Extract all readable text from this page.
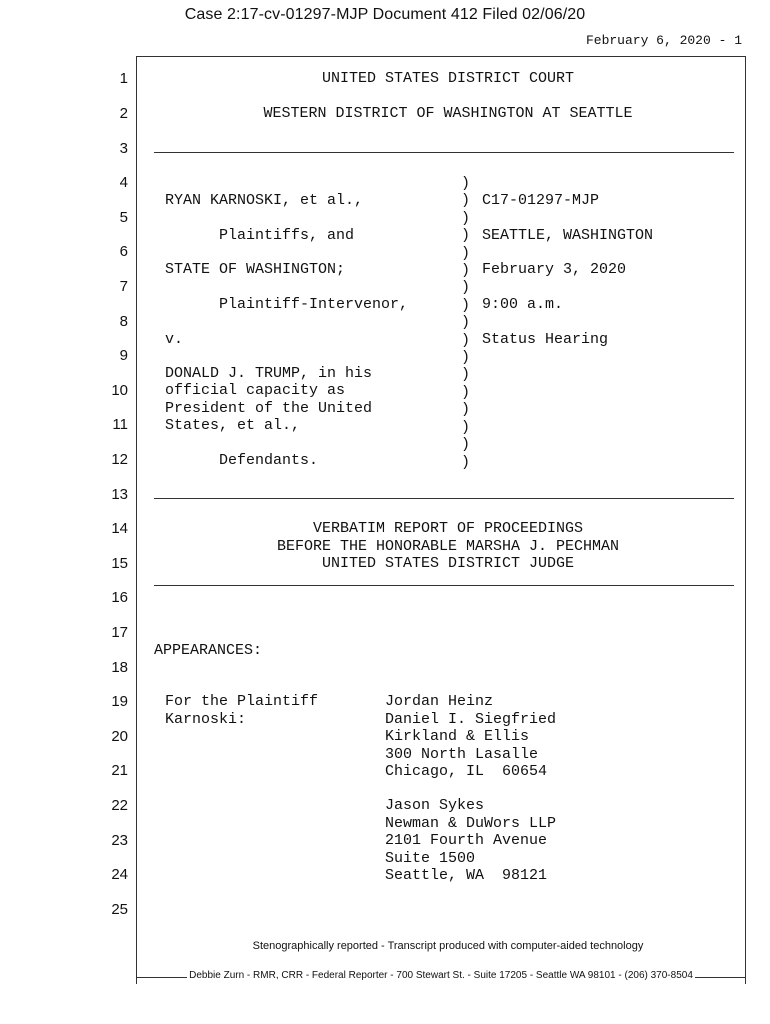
Case 2:17-cv-01297-MJP Document 412 Filed 02/06/20
February 6, 2020 - 1
1
2
3
4
5
6
7
8
9
10
11
12
13
14
15
16
17
18
19
20
21
22
23
24
25
UNITED STATES DISTRICT COURT
WESTERN DISTRICT OF WASHINGTON AT SEATTLE
RYAN KARNOSKI, et al.,
Plaintiffs, and
STATE OF WASHINGTON;
Plaintiff-Intervenor,
v.
DONALD J. TRUMP, in his
official capacity as
President of the United
States, et al.,
Defendants.
)
)
)
)
)
)
)
)
)
)
)
)
)
)
)
)
)
C17-01297-MJP
SEATTLE, WASHINGTON
February 3, 2020
9:00 a.m.
Status Hearing
VERBATIM REPORT OF PROCEEDINGS
BEFORE THE HONORABLE MARSHA J. PECHMAN
UNITED STATES DISTRICT JUDGE
APPEARANCES:
For the Plaintiff
Karnoski:
Jordan Heinz
Daniel I. Siegfried
Kirkland & Ellis
300 North Lasalle
Chicago, IL  60654
Jason Sykes
Newman & DuWors LLP
2101 Fourth Avenue
Suite 1500
Seattle, WA  98121
Stenographically reported - Transcript produced with computer-aided technology
Debbie Zurn - RMR, CRR - Federal Reporter - 700 Stewart St. - Suite 17205 - Seattle WA 98101 - (206) 370-8504
